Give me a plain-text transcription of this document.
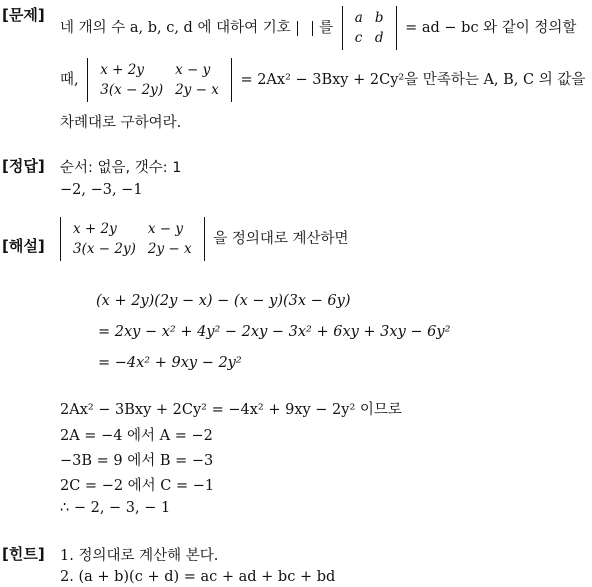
[문제]
네 개의 수 a, b, c, d 에 대하여 기호 를
a	b
c	d
= ad − bc 와 같이 정의할
때,
x + 2y	x − y
3(x − 2y)	2y − x
= 2Ax² − 3Bxy + 2Cy²을 만족하는 A, B, C 의 값을
차례대로 구하여라.
[정답] 순서: 없음, 갯수: 1
−2, −3, −1
[해설]
x + 2y	x − y
3(x − 2y)	2y − x
을 정의대로 계산하면
(x + 2y)(2y − x) − (x − y)(3x − 6y)
= 2xy − x² + 4y² − 2xy − 3x² + 6xy + 3xy − 6y²
= −4x² + 9xy − 2y²
2Ax² − 3Bxy + 2Cy² = −4x² + 9xy − 2y² 이므로
2A = −4 에서 A = −2
−3B = 9 에서 B = −3
2C = −2 에서 C = −1
∴ − 2, − 3, − 1
[힌트] 1. 정의대로 계산해 본다.
2. (a + b)(c + d) = ac + ad + bc + bd
